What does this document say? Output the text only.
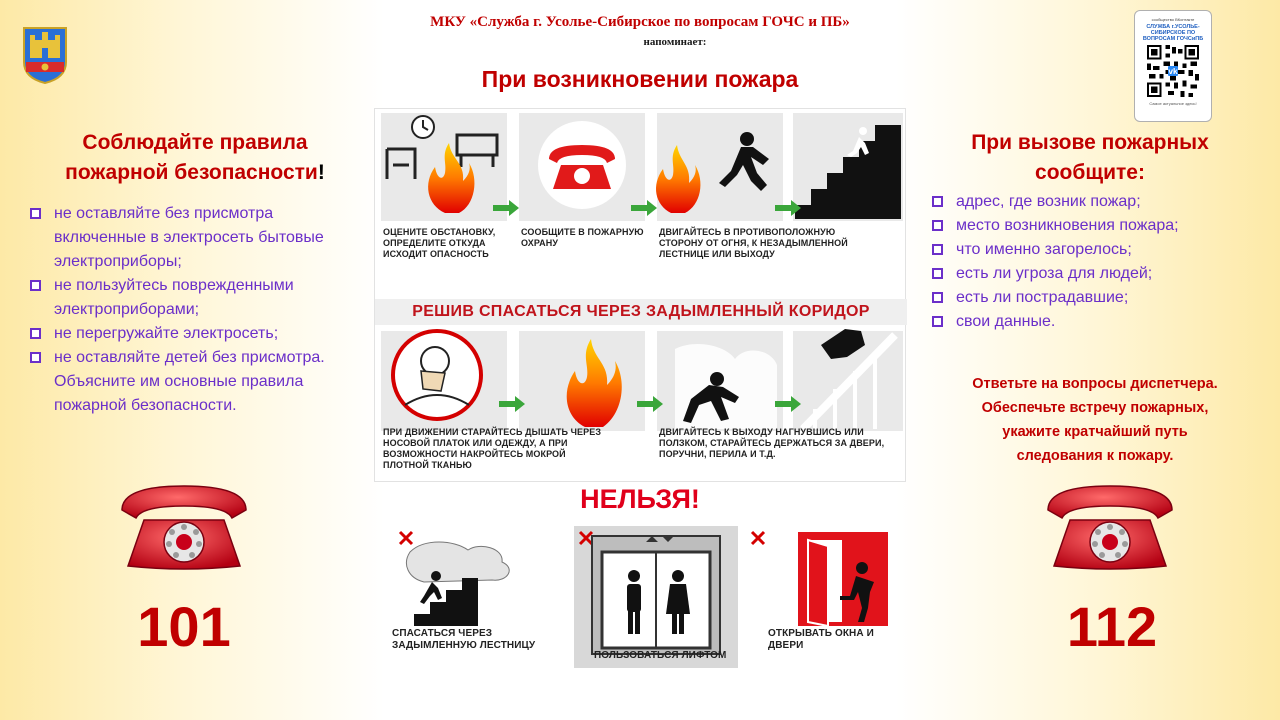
МКУ «Служба г. Усолье-Сибирское по вопросам ГОЧС и ПБ»
напоминает:
При возникновении пожара
сообщество ВКонтакте
СЛУЖБА г.УСОЛЬЕ-СИБИРСКОЕ ПО ВОПРОСАМ ГОЧСиПБ
vk
Самое актуальное здесь!
Соблюдайте правила
пожарной безопасности!
не оставляйте без присмотра включенные в электросеть бытовые электроприборы;
не пользуйтесь поврежденными электроприборами;
не перегружайте электросеть;
не оставляйте детей без присмотра. Объясните им основные правила пожарной безопасности.
101	112
При вызове пожарных
сообщите:
адрес, где возник пожар;
место возникновения пожара;
что именно загорелось;
есть ли угроза для людей;
есть ли пострадавшие;
свои данные.
Ответьте на вопросы диспетчера.
Обеспечьте встречу пожарных,
укажите кратчайший путь
следования к пожару.
ОЦЕНИТЕ ОБСТАНОВКУ, ОПРЕДЕЛИТЕ ОТКУДА ИСХОДИТ ОПАСНОСТЬ
СООБЩИТЕ В ПОЖАРНУЮ ОХРАНУ
ДВИГАЙТЕСЬ В ПРОТИВОПОЛОЖНУЮ СТОРОНУ ОТ ОГНЯ, К НЕЗАДЫМЛЕННОЙ ЛЕСТНИЦЕ ИЛИ ВЫХОДУ
РЕШИВ СПАСАТЬСЯ ЧЕРЕЗ ЗАДЫМЛЕННЫЙ КОРИДОР
ПРИ ДВИЖЕНИИ СТАРАЙТЕСЬ ДЫШАТЬ ЧЕРЕЗ НОСОВОЙ ПЛАТОК ИЛИ ОДЕЖДУ, А ПРИ ВОЗМОЖНОСТИ НАКРОЙТЕСЬ МОКРОЙ ПЛОТНОЙ ТКАНЬЮ
ДВИГАЙТЕСЬ К ВЫХОДУ НАГНУВШИСЬ ИЛИ ПОЛЗКОМ, СТАРАЙТЕСЬ ДЕРЖАТЬСЯ ЗА ДВЕРИ, ПОРУЧНИ, ПЕРИЛА И Т.Д.
НЕЛЬЗЯ!
СПАСАТЬСЯ ЧЕРЕЗ ЗАДЫМЛЕННУЮ ЛЕСТНИЦУ
ПОЛЬЗОВАТЬСЯ ЛИФТОМ
ОТКРЫВАТЬ ОКНА И ДВЕРИ
